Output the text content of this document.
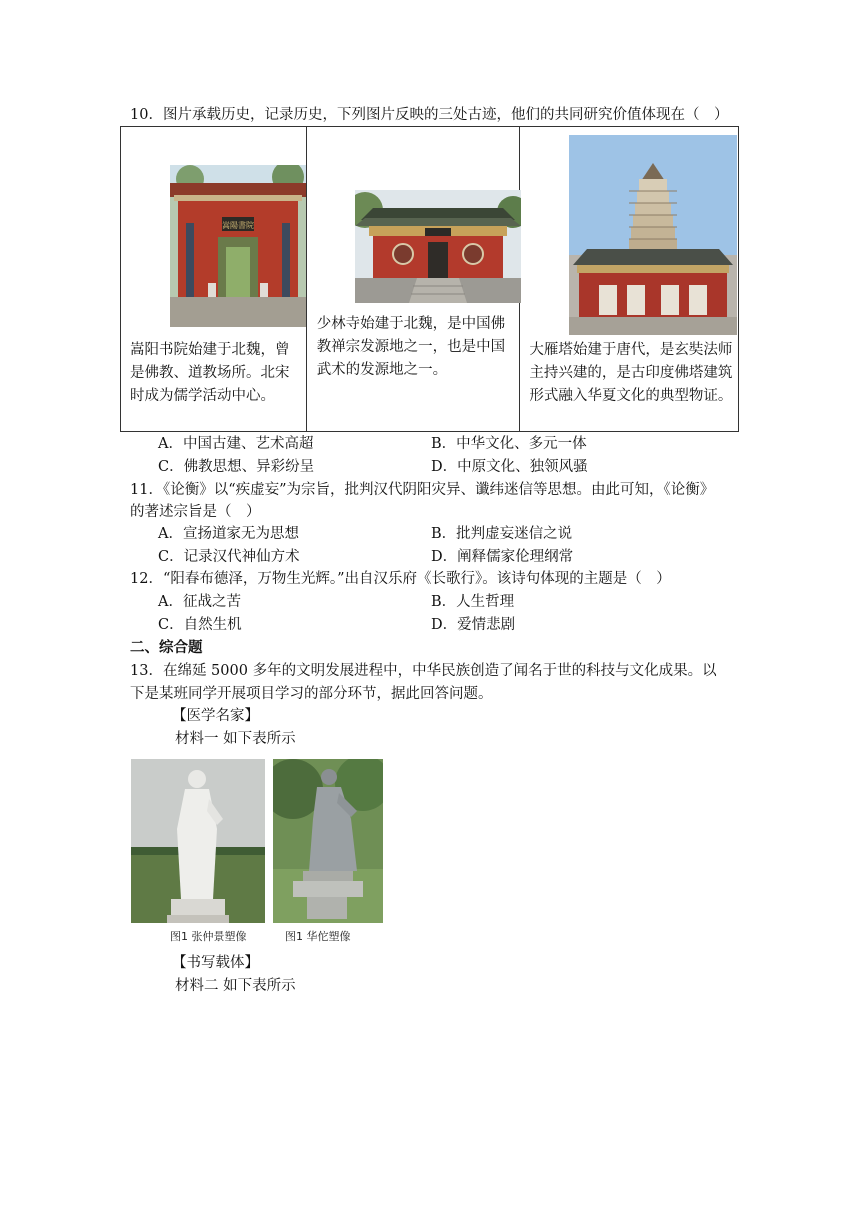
10．图片承载历史，记录历史，下列图片反映的三处古迹，他们的共同研究价值体现在（　）
嵩陽書院
嵩阳书院始建于北魏，曾是佛教、道教场所。北宋时成为儒学活动中心。

少林寺始建于北魏，是中国佛教禅宗发源地之一，也是中国武术的发源地之一。

大雁塔始建于唐代，是玄奘法师主持兴建的，是古印度佛塔建筑形式融入华夏文化的典型物证。
A．中国古建、艺术高超	B．中华文化、多元一体
C．佛教思想、异彩纷呈	D．中原文化、独领风骚
11．《论衡》以“疾虚妄”为宗旨，批判汉代阴阳灾异、谶纬迷信等思想。由此可知，《论衡》
的著述宗旨是（　）
A．宣扬道家无为思想	B．批判虚妄迷信之说
C．记录汉代神仙方术	D．阐释儒家伦理纲常
12．“阳春布德泽，万物生光辉。”出自汉乐府《长歌行》。该诗句体现的主题是（　）
A．征战之苦	B．人生哲理
C．自然生机	D．爱情悲剧
二、综合题
13．在绵延 5000 多年的文明发展进程中，中华民族创造了闻名于世的科技与文化成果。以
下是某班同学开展项目学习的部分环节，据此回答问题。
【医学名家】
材料一 如下表所示
图1 张仲景塑像	图1 华佗塑像
【书写载体】
材料二 如下表所示
